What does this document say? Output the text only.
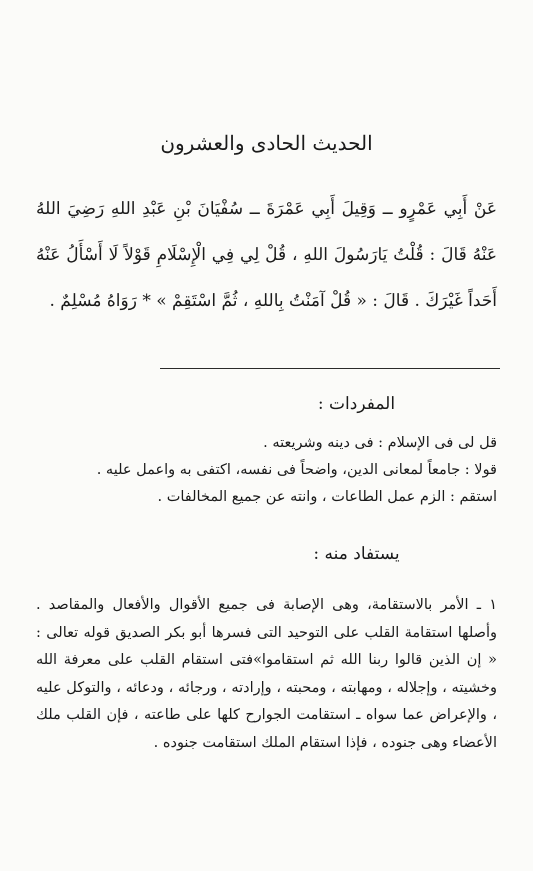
الحديث الحادى والعشرون

عَنْ أَبِي عَمْرٍو ــ وَقِيلَ أَبِي عَمْرَةَ ــ سُفْيَانَ بْنِ عَبْدِ اللهِ رَضِيَ اللهُ عَنْهُ قَالَ : قُلْتُ يَارَسُولَ اللهِ ، قُلْ لِي فِي الْإِسْلَامِ قَوْلاً لَا أَسْأَلُ عَنْهُ أَحَداً غَيْرَكَ . قَالَ : « قُلْ آمَنْتُ بِاللهِ ، ثُمَّ اسْتَقِمْ » * رَوَاهُ مُسْلِمٌ .

المفردات :

قل لى فى الإسلام : فى دينه وشريعته .

قولا : جامعاً لمعانى الدين، واضحاً فى نفسه، اكتفى به واعمل عليه .

استقم : الزم عمل الطاعات ، وانته عن جميع المخالفات .

يستفاد منه :

١ ـ الأمر بالاستقامة، وهى الإصابة فى جميع الأقوال والأفعال والمقاصد . وأصلها استقامة القلب على التوحيد التى فسرها أبو بكر الصديق قوله تعالى : « إن الذين قالوا ربنا الله ثم استقاموا»فتى استقام القلب على معرفة الله وخشيته ، وإجلاله ، ومهابته ، ومحبته ، وإرادته ، ورجائه ، ودعائه ، والتوكل عليه ، والإعراض عما سواه ـ استقامت الجوارح كلها على طاعته ، فإن القلب ملك الأعضاء وهى جنوده ، فإذا استقام الملك استقامت جنوده .
